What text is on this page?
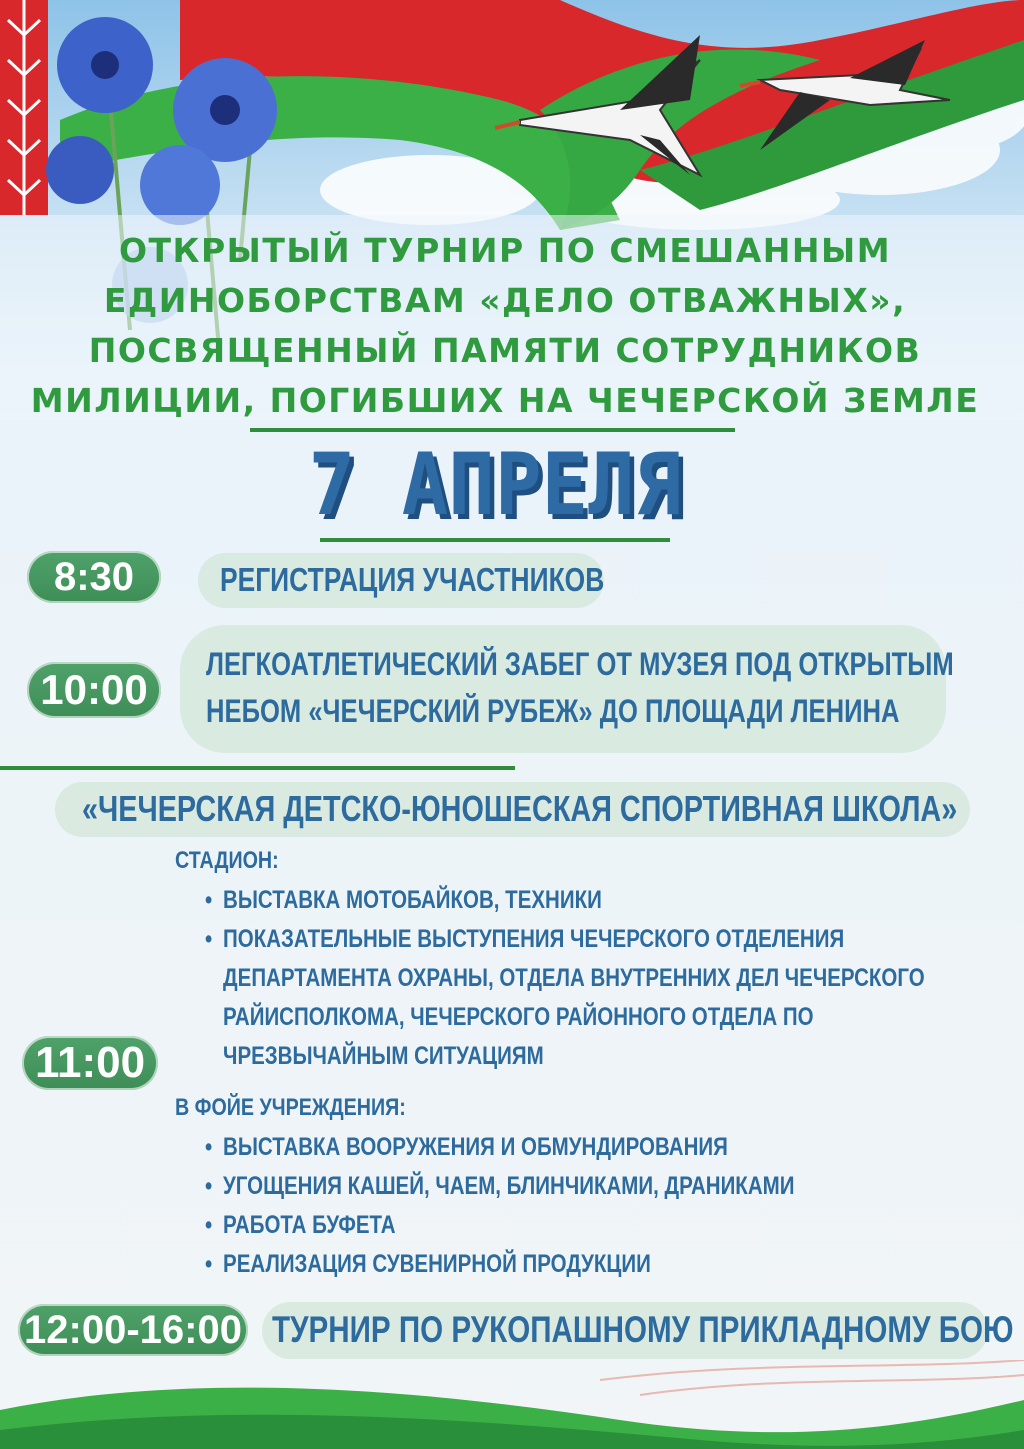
ОТКРЫТЫЙ ТУРНИР ПО СМЕШАННЫМ
ЕДИНОБОРСТВАМ «ДЕЛО ОТВАЖНЫХ»,
ПОСВЯЩЕННЫЙ ПАМЯТИ СОТРУДНИКОВ
МИЛИЦИИ, ПОГИБШИХ НА ЧЕЧЕРСКОЙ ЗЕМЛЕ
7 АПРЕЛЯ
8:30	РЕГИСТРАЦИЯ УЧАСТНИКОВ
10:00
ЛЕГКОАТЛЕТИЧЕСКИЙ ЗАБЕГ ОТ МУЗЕЯ ПОД ОТКРЫТЫМ
НЕБОМ «ЧЕЧЕРСКИЙ РУБЕЖ» ДО ПЛОЩАДИ ЛЕНИНА
«ЧЕЧЕРСКАЯ ДЕТСКО-ЮНОШЕСКАЯ СПОРТИВНАЯ ШКОЛА»
СТАДИОН:
• ВЫСТАВКА МОТОБАЙКОВ, ТЕХНИКИ
• ПОКАЗАТЕЛЬНЫЕ ВЫСТУПЕНИЯ ЧЕЧЕРСКОГО ОТДЕЛЕНИЯ
ДЕПАРТАМЕНТА ОХРАНЫ, ОТДЕЛА ВНУТРЕННИХ ДЕЛ ЧЕЧЕРСКОГО
РАЙИСПОЛКОМА, ЧЕЧЕРСКОГО РАЙОННОГО ОТДЕЛА ПО
ЧРЕЗВЫЧАЙНЫМ СИТУАЦИЯМ
11:00
В ФОЙЕ УЧРЕЖДЕНИЯ:
• ВЫСТАВКА ВООРУЖЕНИЯ И ОБМУНДИРОВАНИЯ
• УГОЩЕНИЯ КАШЕЙ, ЧАЕМ, БЛИНЧИКАМИ, ДРАНИКАМИ
• РАБОТА БУФЕТА
• РЕАЛИЗАЦИЯ СУВЕНИРНОЙ ПРОДУКЦИИ
12:00-16:00 ТУРНИР ПО РУКОПАШНОМУ ПРИКЛАДНОМУ БОЮ
